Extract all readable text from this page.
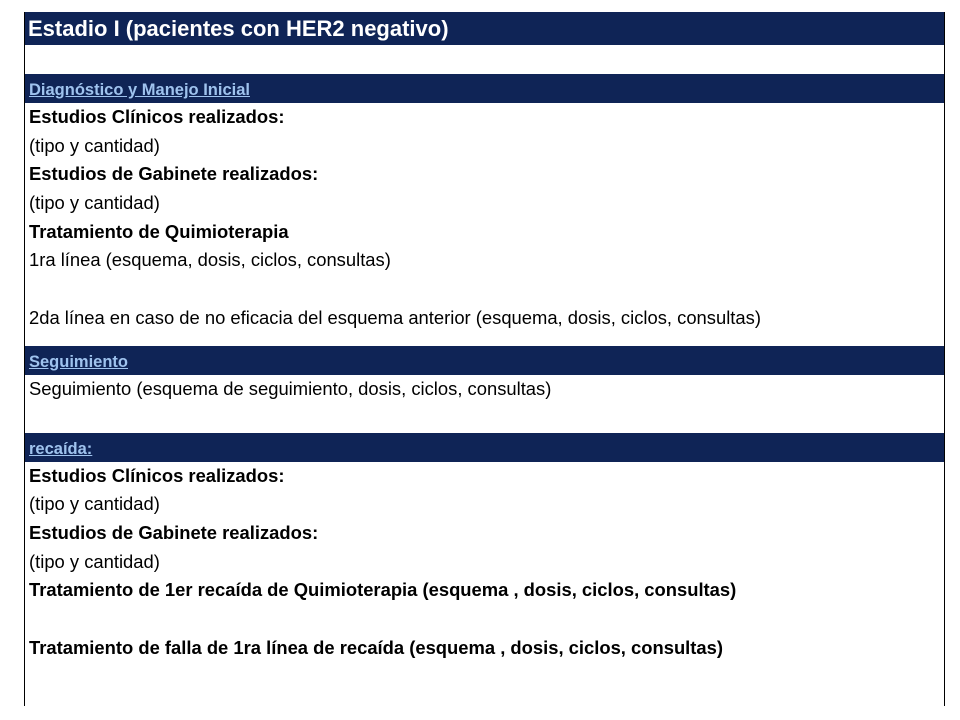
Estadio I (pacientes con HER2 negativo)
Diagnóstico y Manejo Inicial
Estudios Clínicos realizados:
(tipo y cantidad)
Estudios de Gabinete realizados:
(tipo y cantidad)
Tratamiento de Quimioterapia
1ra línea (esquema, dosis, ciclos, consultas)
2da línea en caso de no eficacia del esquema anterior (esquema, dosis, ciclos, consultas)
Seguimiento
Seguimiento (esquema de seguimiento, dosis, ciclos, consultas)
recaída:
Estudios Clínicos realizados:
(tipo y cantidad)
Estudios de Gabinete realizados:
(tipo y cantidad)
Tratamiento de 1er recaída de Quimioterapia (esquema , dosis, ciclos, consultas)
Tratamiento de falla de 1ra línea de recaída (esquema , dosis, ciclos, consultas)
